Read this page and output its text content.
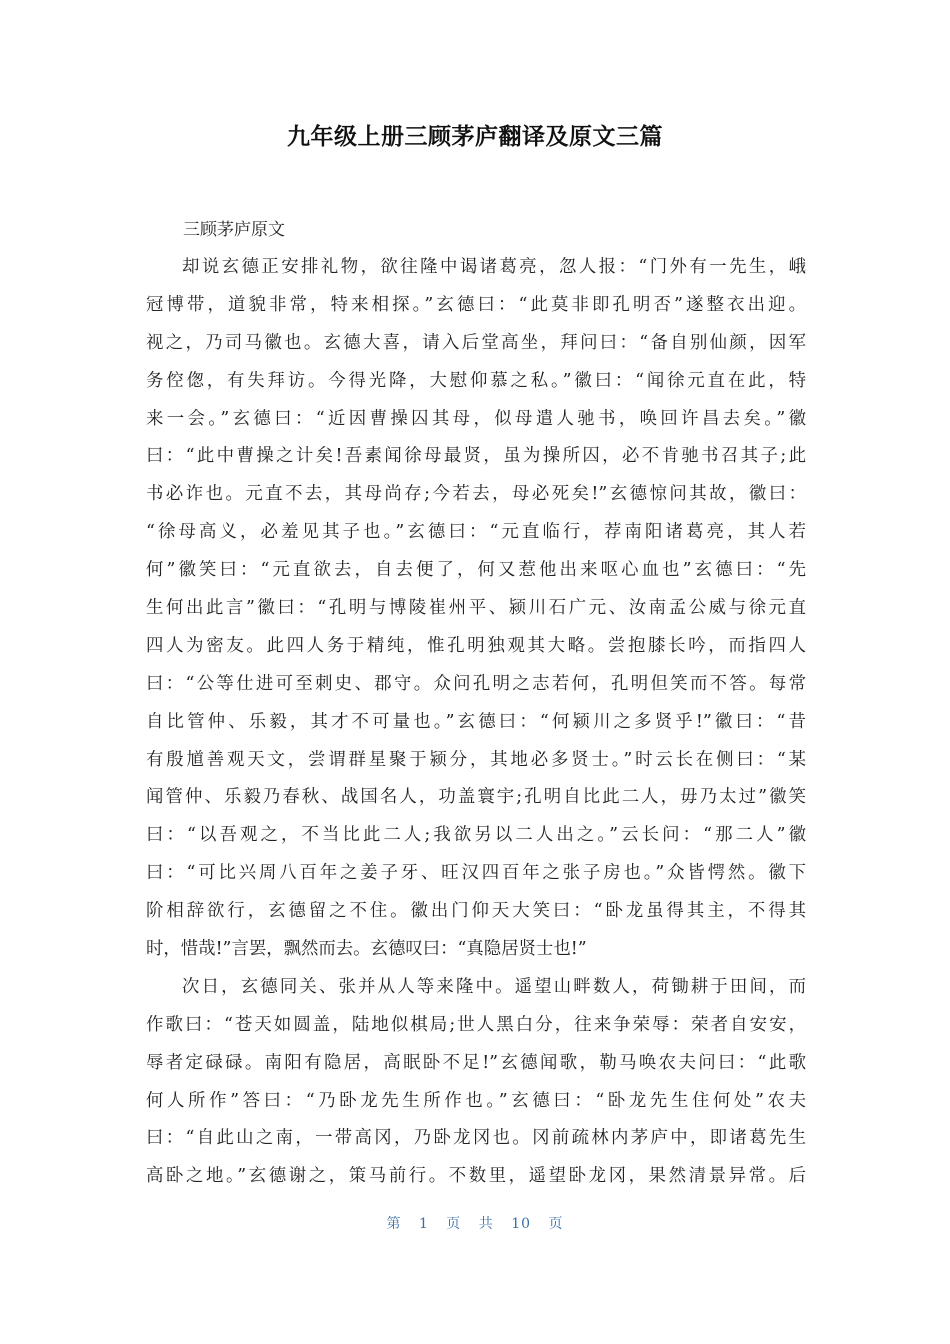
九年级上册三顾茅庐翻译及原文三篇

三顾茅庐原文

却说玄德正安排礼物，欲往隆中谒诸葛亮，忽人报：“门外有一先生，峨
冠博带，道貌非常，特来相探。”玄德曰：“此莫非即孔明否”遂整衣出迎。
视之，乃司马徽也。玄德大喜，请入后堂高坐，拜问曰：“备自别仙颜，因军
务倥偬，有失拜访。今得光降，大慰仰慕之私。”徽曰：“闻徐元直在此，特
来一会。”玄德曰：“近因曹操囚其母，似母遣人驰书，唤回许昌去矣。”徽
曰：“此中曹操之计矣!吾素闻徐母最贤，虽为操所囚，必不肯驰书召其子;此
书必诈也。元直不去，其母尚存;今若去，母必死矣!”玄德惊问其故，徽曰：
“徐母高义，必羞见其子也。”玄德曰：“元直临行，荐南阳诸葛亮，其人若
何”徽笑曰：“元直欲去，自去便了，何又惹他出来呕心血也”玄德曰：“先
生何出此言”徽曰：“孔明与博陵崔州平、颍川石广元、汝南孟公威与徐元直
四人为密友。此四人务于精纯，惟孔明独观其大略。尝抱膝长吟，而指四人
曰：“公等仕进可至刺史、郡守。众问孔明之志若何，孔明但笑而不答。每常
自比管仲、乐毅，其才不可量也。”玄德曰：“何颍川之多贤乎!”徽曰：“昔
有殷馗善观天文，尝谓群星聚于颍分，其地必多贤士。”时云长在侧曰：“某
闻管仲、乐毅乃春秋、战国名人，功盖寰宇;孔明自比此二人，毋乃太过”徽笑
曰：“以吾观之，不当比此二人;我欲另以二人出之。”云长问：“那二人”徽
曰：“可比兴周八百年之姜子牙、旺汉四百年之张子房也。”众皆愕然。徽下
阶相辞欲行，玄德留之不住。徽出门仰天大笑曰：“卧龙虽得其主，不得其
时，惜哉!”言罢，飘然而去。玄德叹曰：“真隐居贤士也!”
次日，玄德同关、张并从人等来隆中。遥望山畔数人，荷锄耕于田间，而
作歌曰：“苍天如圆盖，陆地似棋局;世人黑白分，往来争荣辱：荣者自安安，
辱者定碌碌。南阳有隐居，高眠卧不足!”玄德闻歌，勒马唤农夫问曰：“此歌
何人所作”答曰：“乃卧龙先生所作也。”玄德曰：“卧龙先生住何处”农夫
曰：“自此山之南，一带高冈，乃卧龙冈也。冈前疏林内茅庐中，即诸葛先生
高卧之地。”玄德谢之，策马前行。不数里，遥望卧龙冈，果然清景异常。后
第 1 页 共 10 页
